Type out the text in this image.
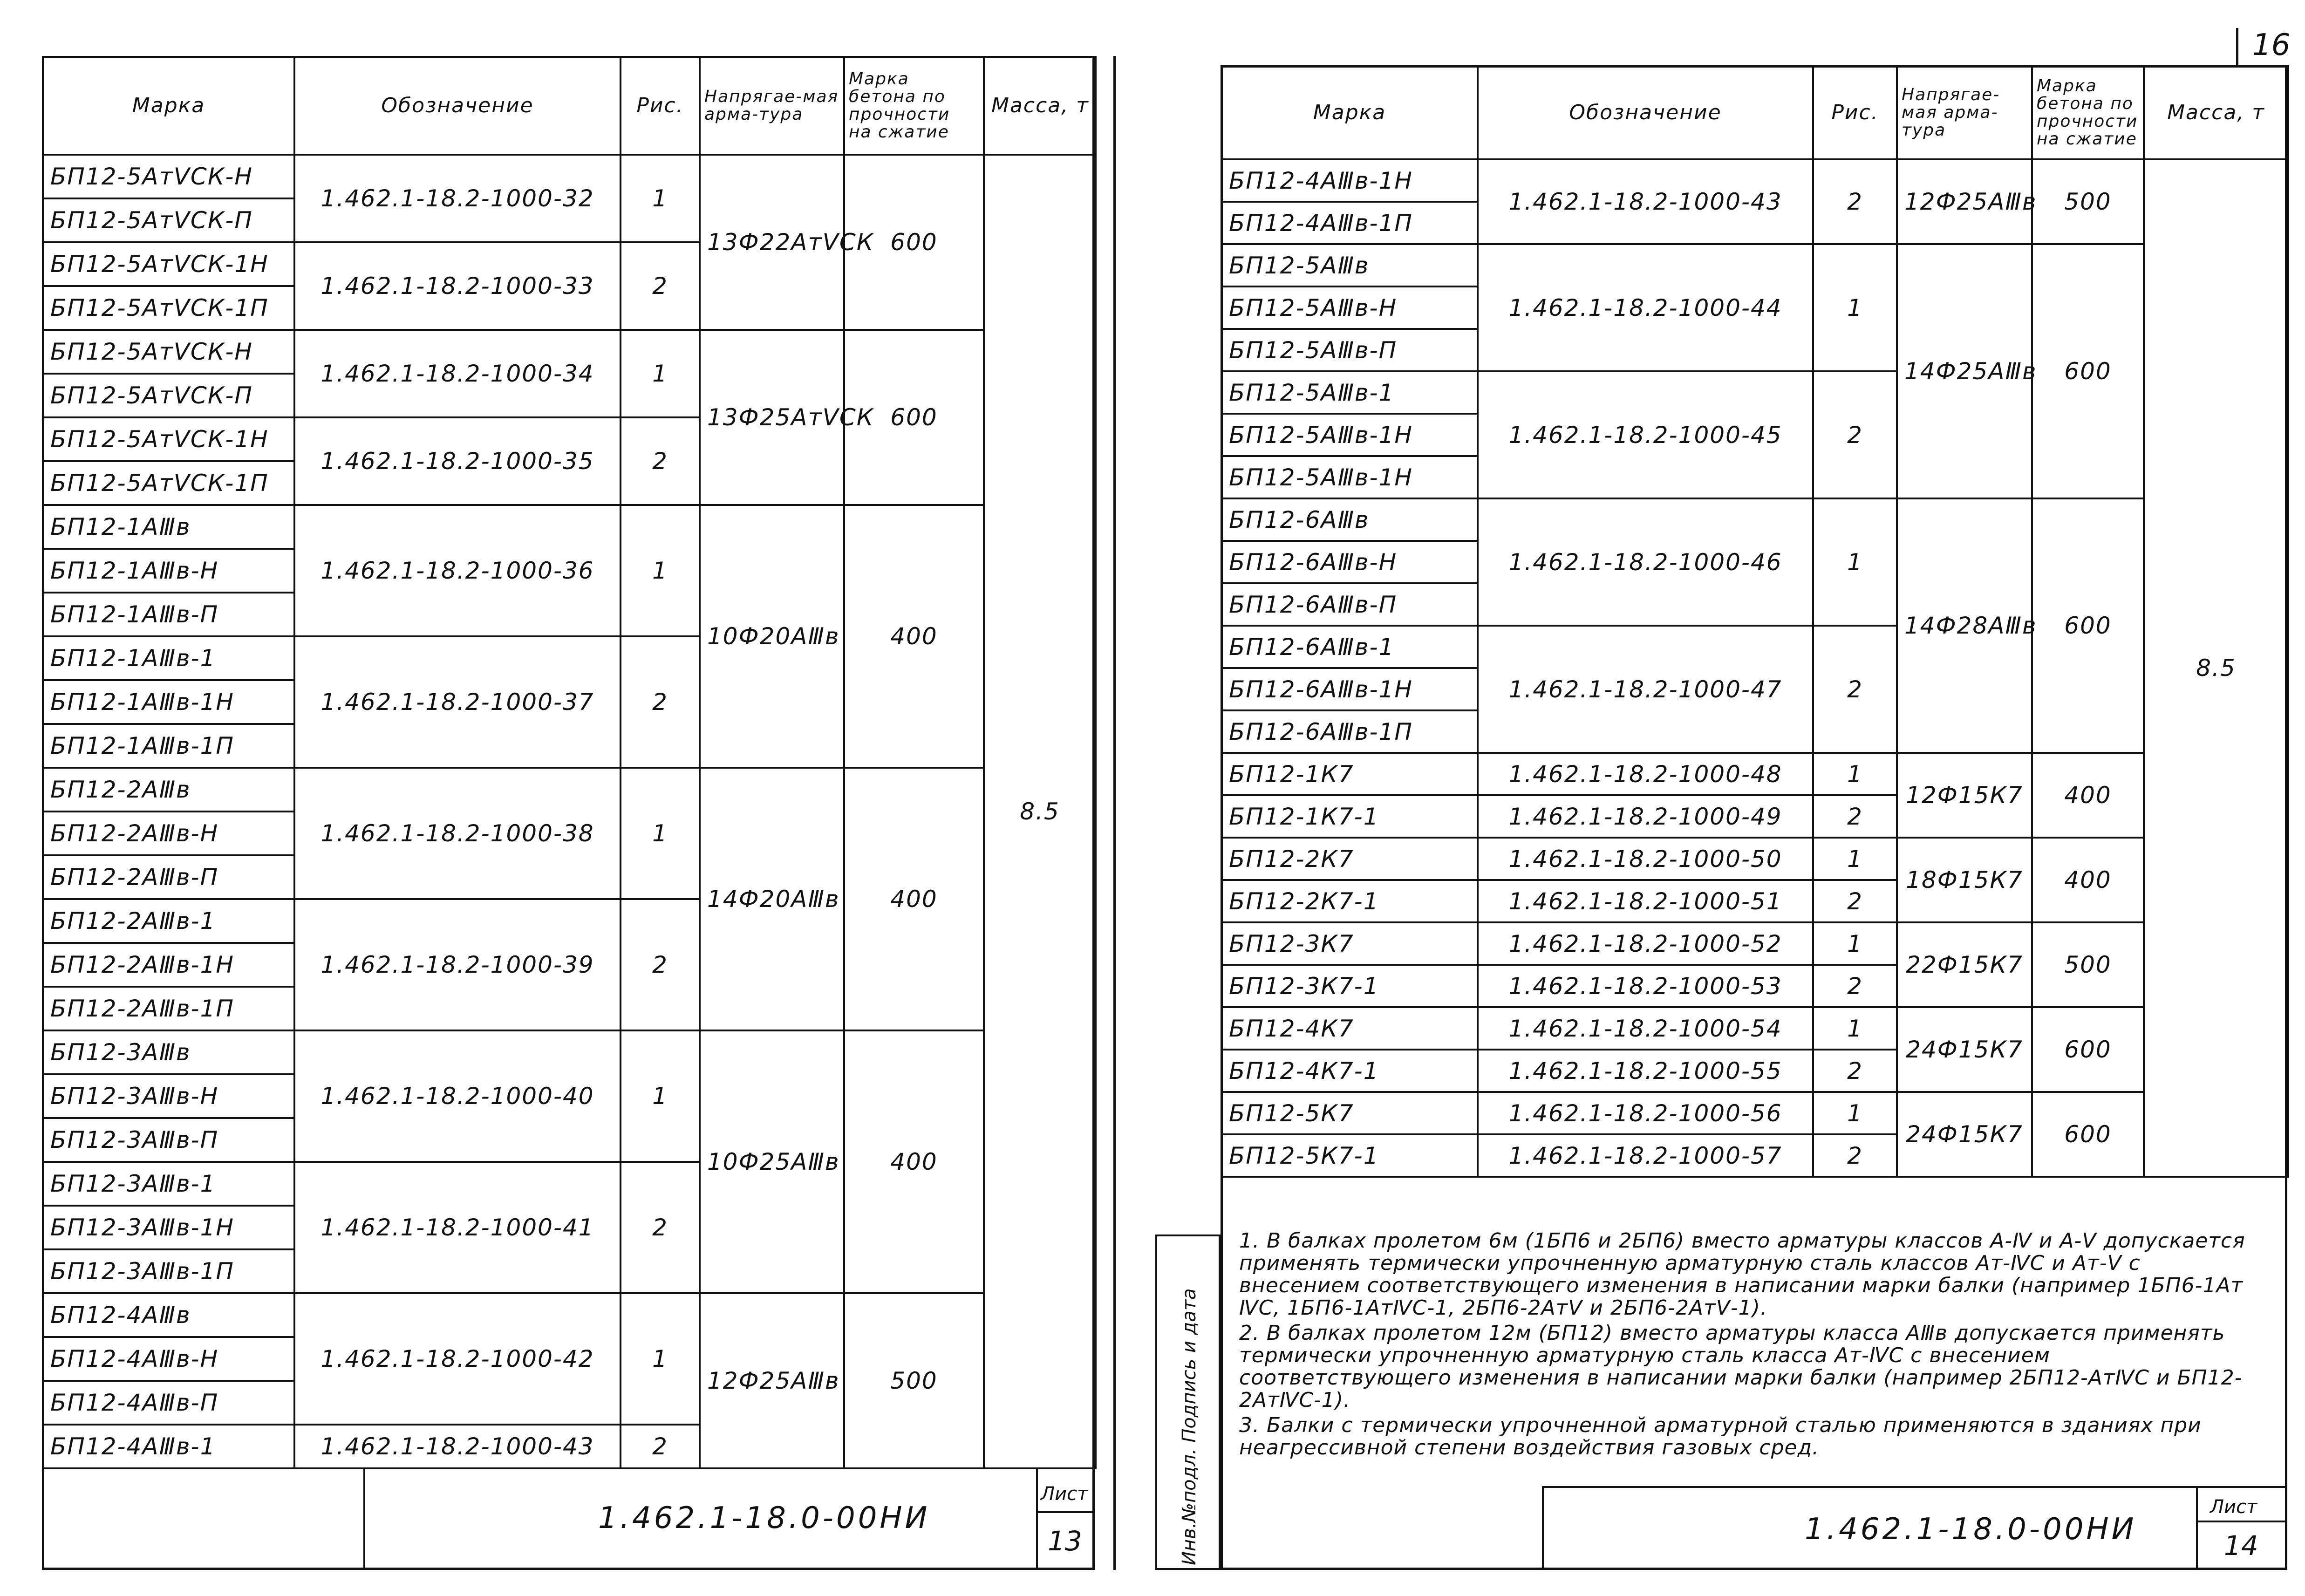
16
Марка	Обозначение	Рис.	Напрягае-мая арма-тура	Марка бетона по прочности на сжатие	Масса, т
БП12-5АтⅤСК-Н	1.462.1-18.2-1000-32	1	13Ф22АтⅤСК	600	8.5
БП12-5АтⅤСК-П					
БП12-5АтⅤСК-1Н	1.462.1-18.2-1000-33	2			
БП12-5АтⅤСК-1П					
БП12-5АтⅤСК-Н	1.462.1-18.2-1000-34	1	13Ф25АтⅤСК	600	
БП12-5АтⅤСК-П					
БП12-5АтⅤСК-1Н	1.462.1-18.2-1000-35	2			
БП12-5АтⅤСК-1П					
БП12-1АⅢв	1.462.1-18.2-1000-36	1	10Ф20АⅢв	400	
БП12-1АⅢв-Н					
БП12-1АⅢв-П					
БП12-1АⅢв-1	1.462.1-18.2-1000-37	2			
БП12-1АⅢв-1Н					
БП12-1АⅢв-1П					
БП12-2АⅢв	1.462.1-18.2-1000-38	1	14Ф20АⅢв	400	
БП12-2АⅢв-Н					
БП12-2АⅢв-П					
БП12-2АⅢв-1	1.462.1-18.2-1000-39	2			
БП12-2АⅢв-1Н					
БП12-2АⅢв-1П					
БП12-3АⅢв	1.462.1-18.2-1000-40	1	10Ф25АⅢв	400	
БП12-3АⅢв-Н					
БП12-3АⅢв-П					
БП12-3АⅢв-1	1.462.1-18.2-1000-41	2			
БП12-3АⅢв-1Н					
БП12-3АⅢв-1П					
БП12-4АⅢв	1.462.1-18.2-1000-42	1	12Ф25АⅢв	500	
БП12-4АⅢв-Н					
БП12-4АⅢв-П					
БП12-4АⅢв-1	1.462.1-18.2-1000-43	2			
1.462.1-18.0-00НИ
Лист
13
Марка	Обозначение	Рис.	Напрягае-мая арма-тура	Марка бетона по прочности на сжатие	Масса, т
БП12-4АⅢв-1Н	1.462.1-18.2-1000-43	2	12Ф25АⅢв	500	8.5
БП12-4АⅢв-1П					
БП12-5АⅢв	1.462.1-18.2-1000-44	1	14Ф25АⅢв	600	
БП12-5АⅢв-Н					
БП12-5АⅢв-П					
БП12-5АⅢв-1	1.462.1-18.2-1000-45	2			
БП12-5АⅢв-1Н					
БП12-5АⅢв-1Н					
БП12-6АⅢв	1.462.1-18.2-1000-46	1	14Ф28АⅢв	600	
БП12-6АⅢв-Н					
БП12-6АⅢв-П					
БП12-6АⅢв-1	1.462.1-18.2-1000-47	2			
БП12-6АⅢв-1Н					
БП12-6АⅢв-1П					
БП12-1К7	1.462.1-18.2-1000-48	1	12Ф15К7	400	
БП12-1К7-1	1.462.1-18.2-1000-49	2			
БП12-2К7	1.462.1-18.2-1000-50	1	18Ф15К7	400	
БП12-2К7-1	1.462.1-18.2-1000-51	2			
БП12-3К7	1.462.1-18.2-1000-52	1	22Ф15К7	500	
БП12-3К7-1	1.462.1-18.2-1000-53	2			
БП12-4К7	1.462.1-18.2-1000-54	1	24Ф15К7	600	
БП12-4К7-1	1.462.1-18.2-1000-55	2			
БП12-5К7	1.462.1-18.2-1000-56	1	24Ф15К7	600	
БП12-5К7-1	1.462.1-18.2-1000-57	2			
Инв.№подл. Подпись и дата

1. В балках пролетом 6м (1БП6 и 2БП6) вместо арматуры классов А-Ⅳ и А-Ⅴ допускается применять термически упрочненную арматурную сталь классов Ат-ⅣС и Ат-Ⅴ с внесением соответствующего изменения в написании марки балки (например 1БП6-1Ат ⅣС, 1БП6-1АтⅣС-1, 2БП6-2АтⅤ и 2БП6-2АтⅤ-1).

2. В балках пролетом 12м (БП12) вместо арматуры класса АⅢв допускается применять термически упрочненную арматурную сталь класса Ат-ⅣС с внесением соответствующего изменения в написании марки балки (например 2БП12-АтⅣС и БП12-2АтⅣС-1).

3. Балки с термически упрочненной арматурной сталью применяются в зданиях при неагрессивной степени воздействия газовых сред.

1.462.1-18.0-00НИ
Лист
14
